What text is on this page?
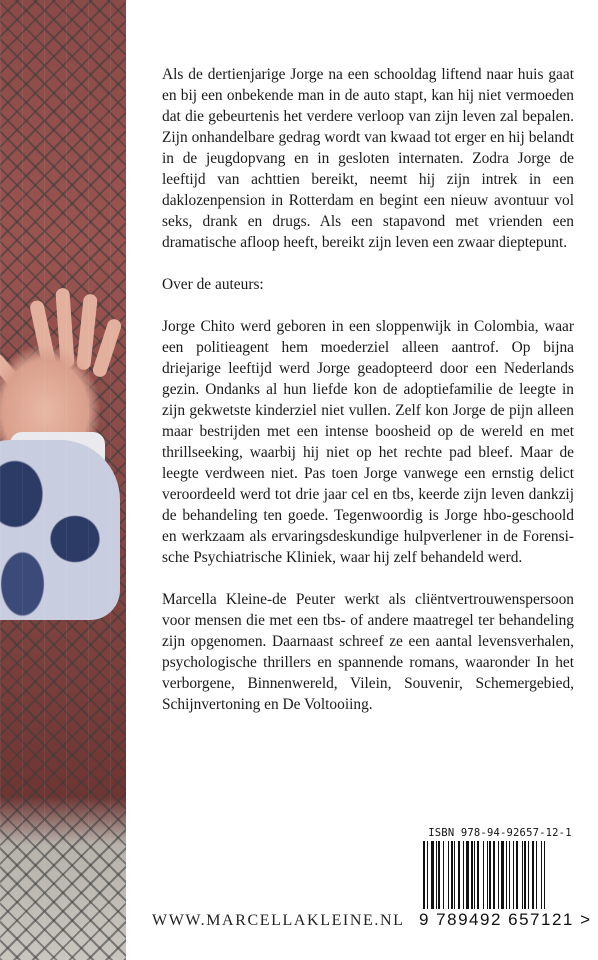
Als de dertienjarige Jorge na een schooldag liftend naar huis gaat en bij een onbekende man in de auto stapt, kan hij niet vermoeden dat die gebeurtenis het verdere verloop van zijn leven zal bepalen. Zijn onhandelbare gedrag wordt van kwaad tot erger en hij belandt in de jeugdopvang en in gesloten internaten. Zodra Jorge de leeftijd van achttien bereikt, neemt hij zijn intrek in een daklozenpension in Rotterdam en begint een nieuw avontuur vol seks, drank en drugs. Als een stapavond met vrienden een dramatische afloop heeft, bereikt zijn leven een zwaar dieptepunt.

Over de auteurs:

Jorge Chito werd geboren in een sloppenwijk in Colombia, waar een politieagent hem moederziel alleen aantrof. Op bijna driejarige leeftijd werd Jorge geadopteerd door een Nederlands gezin. Ondanks al hun liefde kon de adoptiefamilie de leegte in zijn gekwetste kinderziel niet vullen. Zelf kon Jorge de pijn alleen maar bestrijden met een intense boosheid op de wereld en met thrillseeking, waarbij hij niet op het rechte pad bleef. Maar de leegte verdween niet. Pas toen Jorge vanwege een ernstig delict veroordeeld werd tot drie jaar cel en tbs, keerde zijn leven dankzij de behandeling ten goede. Tegenwoordig is Jorge hbo-geschoold en werkzaam als ervaringsdeskundige hulpverlener in de Forensische Psychiatrische Kliniek, waar hij zelf behandeld werd.

Marcella Kleine-de Peuter werkt als cliëntvertrouwenspersoon voor mensen die met een tbs- of andere maatregel ter behandeling zijn opgenomen. Daarnaast schreef ze een aantal levensverhalen, psychologische thrillers en spannende romans, waaronder In het verborgene, Binnenwereld, Vilein, Souvenir, Schemergebied, Schijnvertoning en De Voltooiing.

ISBN 978-94-92657-12-1
9 789492 657121 >
WWW.MARCELLAKLEINE.NL
